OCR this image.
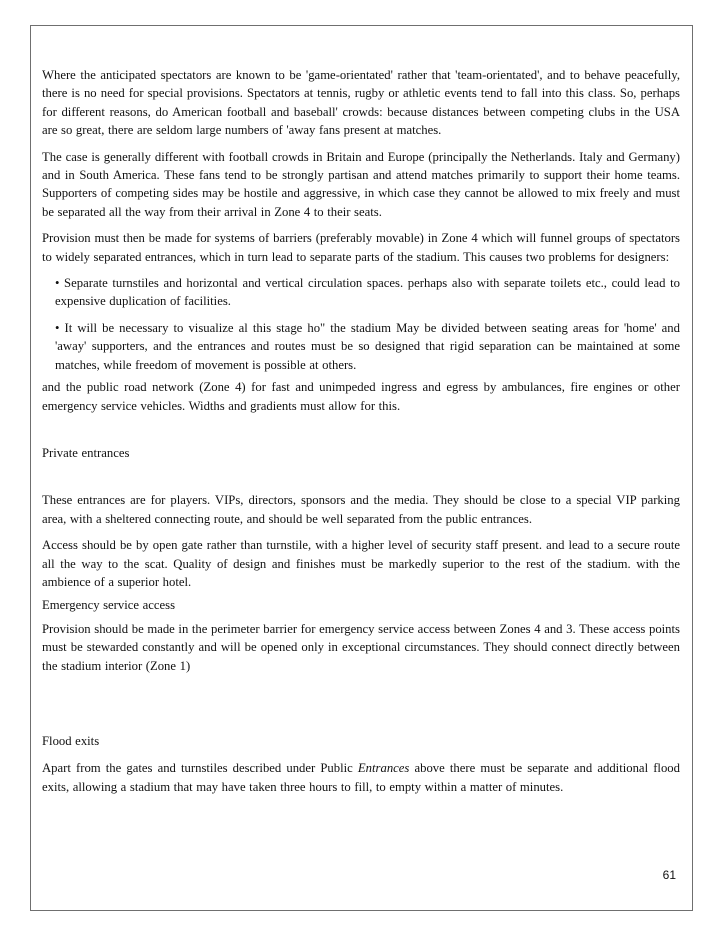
Where the anticipated spectators are known to be 'game-orientated' rather that 'team-orientated', and to behave peacefully, there is no need for special provisions. Spectators at tennis, rugby or athletic events tend to fall into this class. So, perhaps for different reasons, do American football and baseball' crowds: because distances between competing clubs in the USA are so great, there are seldom large numbers of 'away fans present at matches.

The case is generally different with football crowds in Britain and Europe (principally the Netherlands. Italy and Germany) and in South America. These fans tend to be strongly partisan and attend matches primarily to support their home teams. Supporters of competing sides may be hostile and aggressive, in which case they cannot be allowed to mix freely and must be separated all the way from their arrival in Zone 4 to their seats.

Provision must then be made for systems of barriers (preferably movable) in Zone 4 which will funnel groups of spectators to widely separated entrances, which in turn lead to separate parts of the stadium. This causes two problems for designers:

• Separate turnstiles and horizontal and vertical circulation spaces. perhaps also with separate toilets etc., could lead to expensive duplication of facilities.

• It will be necessary to visualize al this stage ho" the stadium May be divided between seating areas for 'home' and 'away' supporters, and the entrances and routes must be so designed that rigid separation can be maintained at some matches, while freedom of movement is possible at others.

and the public road network (Zone 4) for fast and unimpeded ingress and egress by ambulances, fire engines or other emergency service vehicles. Widths and gradients must allow for this.

Private entrances

These entrances are for players. VIPs, directors, sponsors and the media. They should be close to a special VIP parking area, with a sheltered connecting route, and should be well separated from the public entrances.

Access should be by open gate rather than turnstile, with a higher level of security staff present. and lead to a secure route all the way to the scat. Quality of design and finishes must be markedly superior to the rest of the stadium. with the ambience of a superior hotel.

Emergency service access

Provision should be made in the perimeter barrier for emergency service access between Zones 4 and 3. These access points must be stewarded constantly and will be opened only in exceptional circumstances. They should connect directly between the stadium interior (Zone 1)

Flood exits

Apart from the gates and turnstiles described under Public Entrances above there must be separate and additional flood exits, allowing a stadium that may have taken three hours to fill, to empty within a matter of minutes.

61
